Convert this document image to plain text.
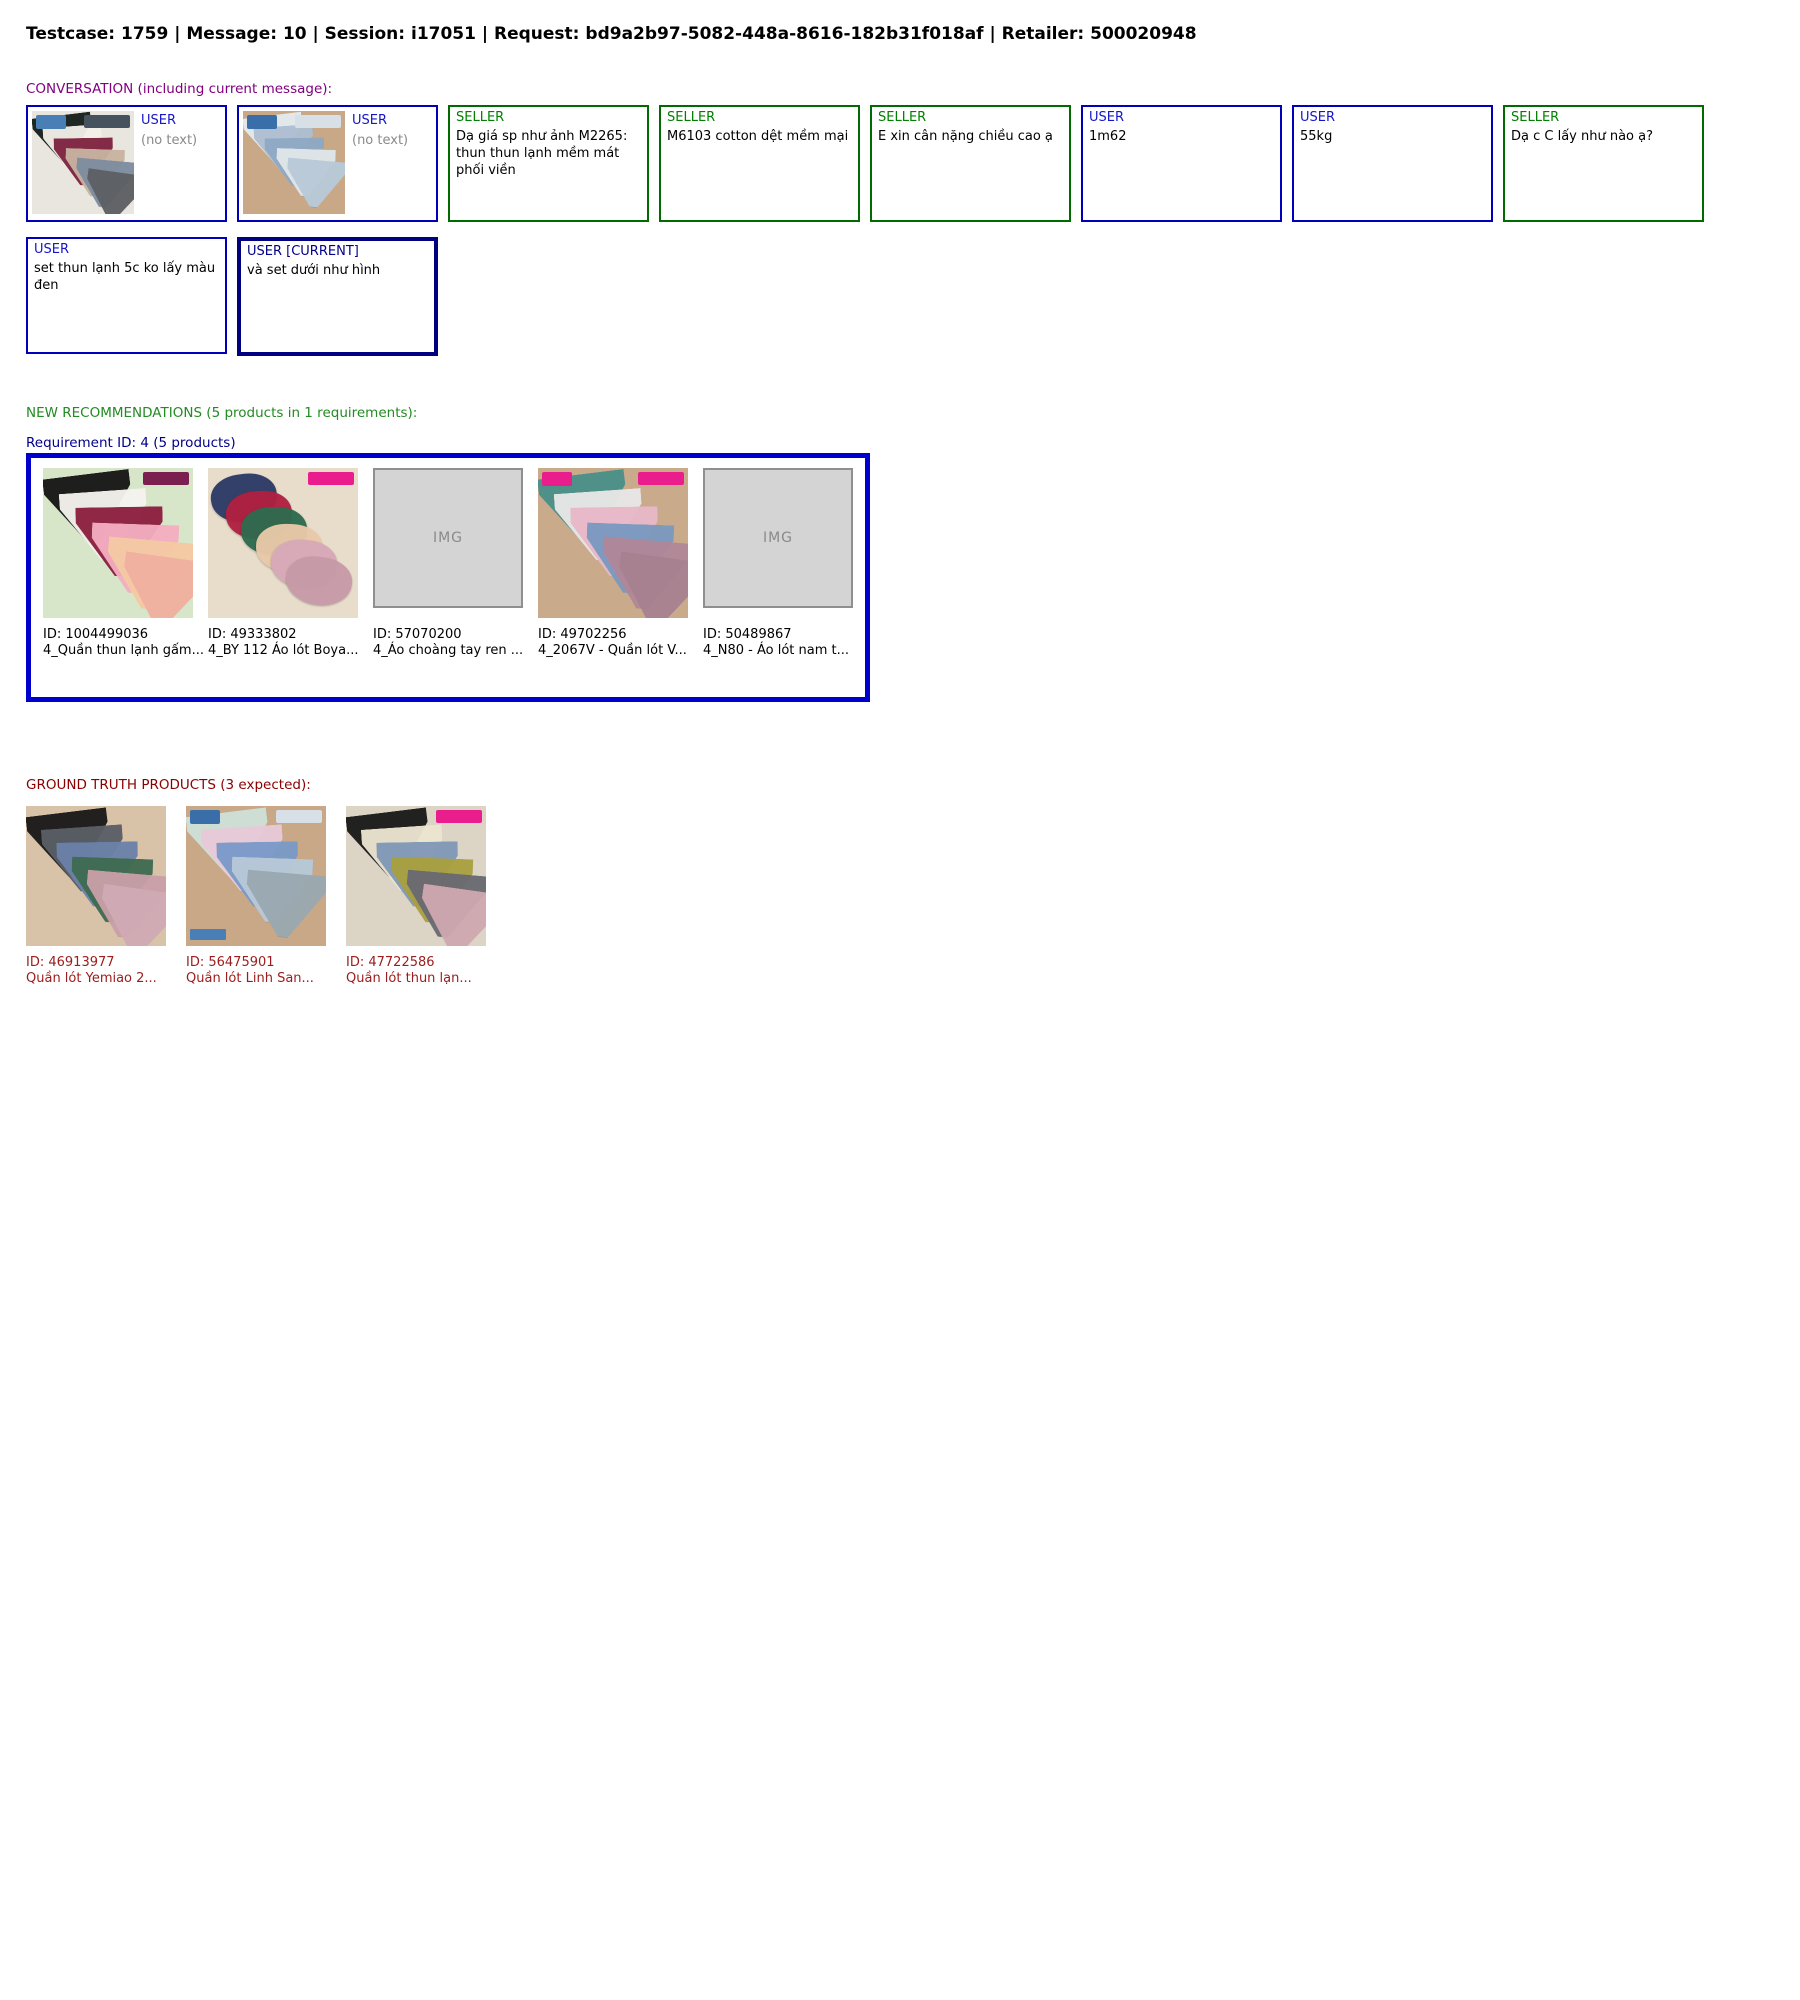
Testcase: 1759 | Message: 10 | Session: i17051 | Request: bd9a2b97-5082-448a-8616-182b31f018af | Retailer: 500020948
CONVERSATION (including current message):
USER
(no text)
USER
(no text)
SELLER
Dạ giá sp như ảnh M2265: thun thun lạnh mềm mát phối viền
SELLER
M6103 cotton dệt mềm mại
SELLER
E xin cân nặng chiều cao ạ
USER
1m62
USER
55kg
SELLER
Dạ c C lấy như nào ạ?
USER
set thun lạnh 5c ko lấy màu đen
USER [CURRENT]
và set dưới như hình
NEW RECOMMENDATIONS (5 products in 1 requirements):
Requirement ID: 4 (5 products)
ID: 1004499036
4_Quần thun lạnh gấm...
ID: 49333802
4_BY 112 Áo lót Boya...
IMG
ID: 57070200
4_Áo choàng tay ren ...
ID: 49702256
4_2067V - Quần lót V...
IMG
ID: 50489867
4_N80 - Áo lót nam t...
GROUND TRUTH PRODUCTS (3 expected):
ID: 46913977
Quần lót Yemiao 2...
ID: 56475901
Quần lót Linh San...
ID: 47722586
Quần lót thun lạn...
